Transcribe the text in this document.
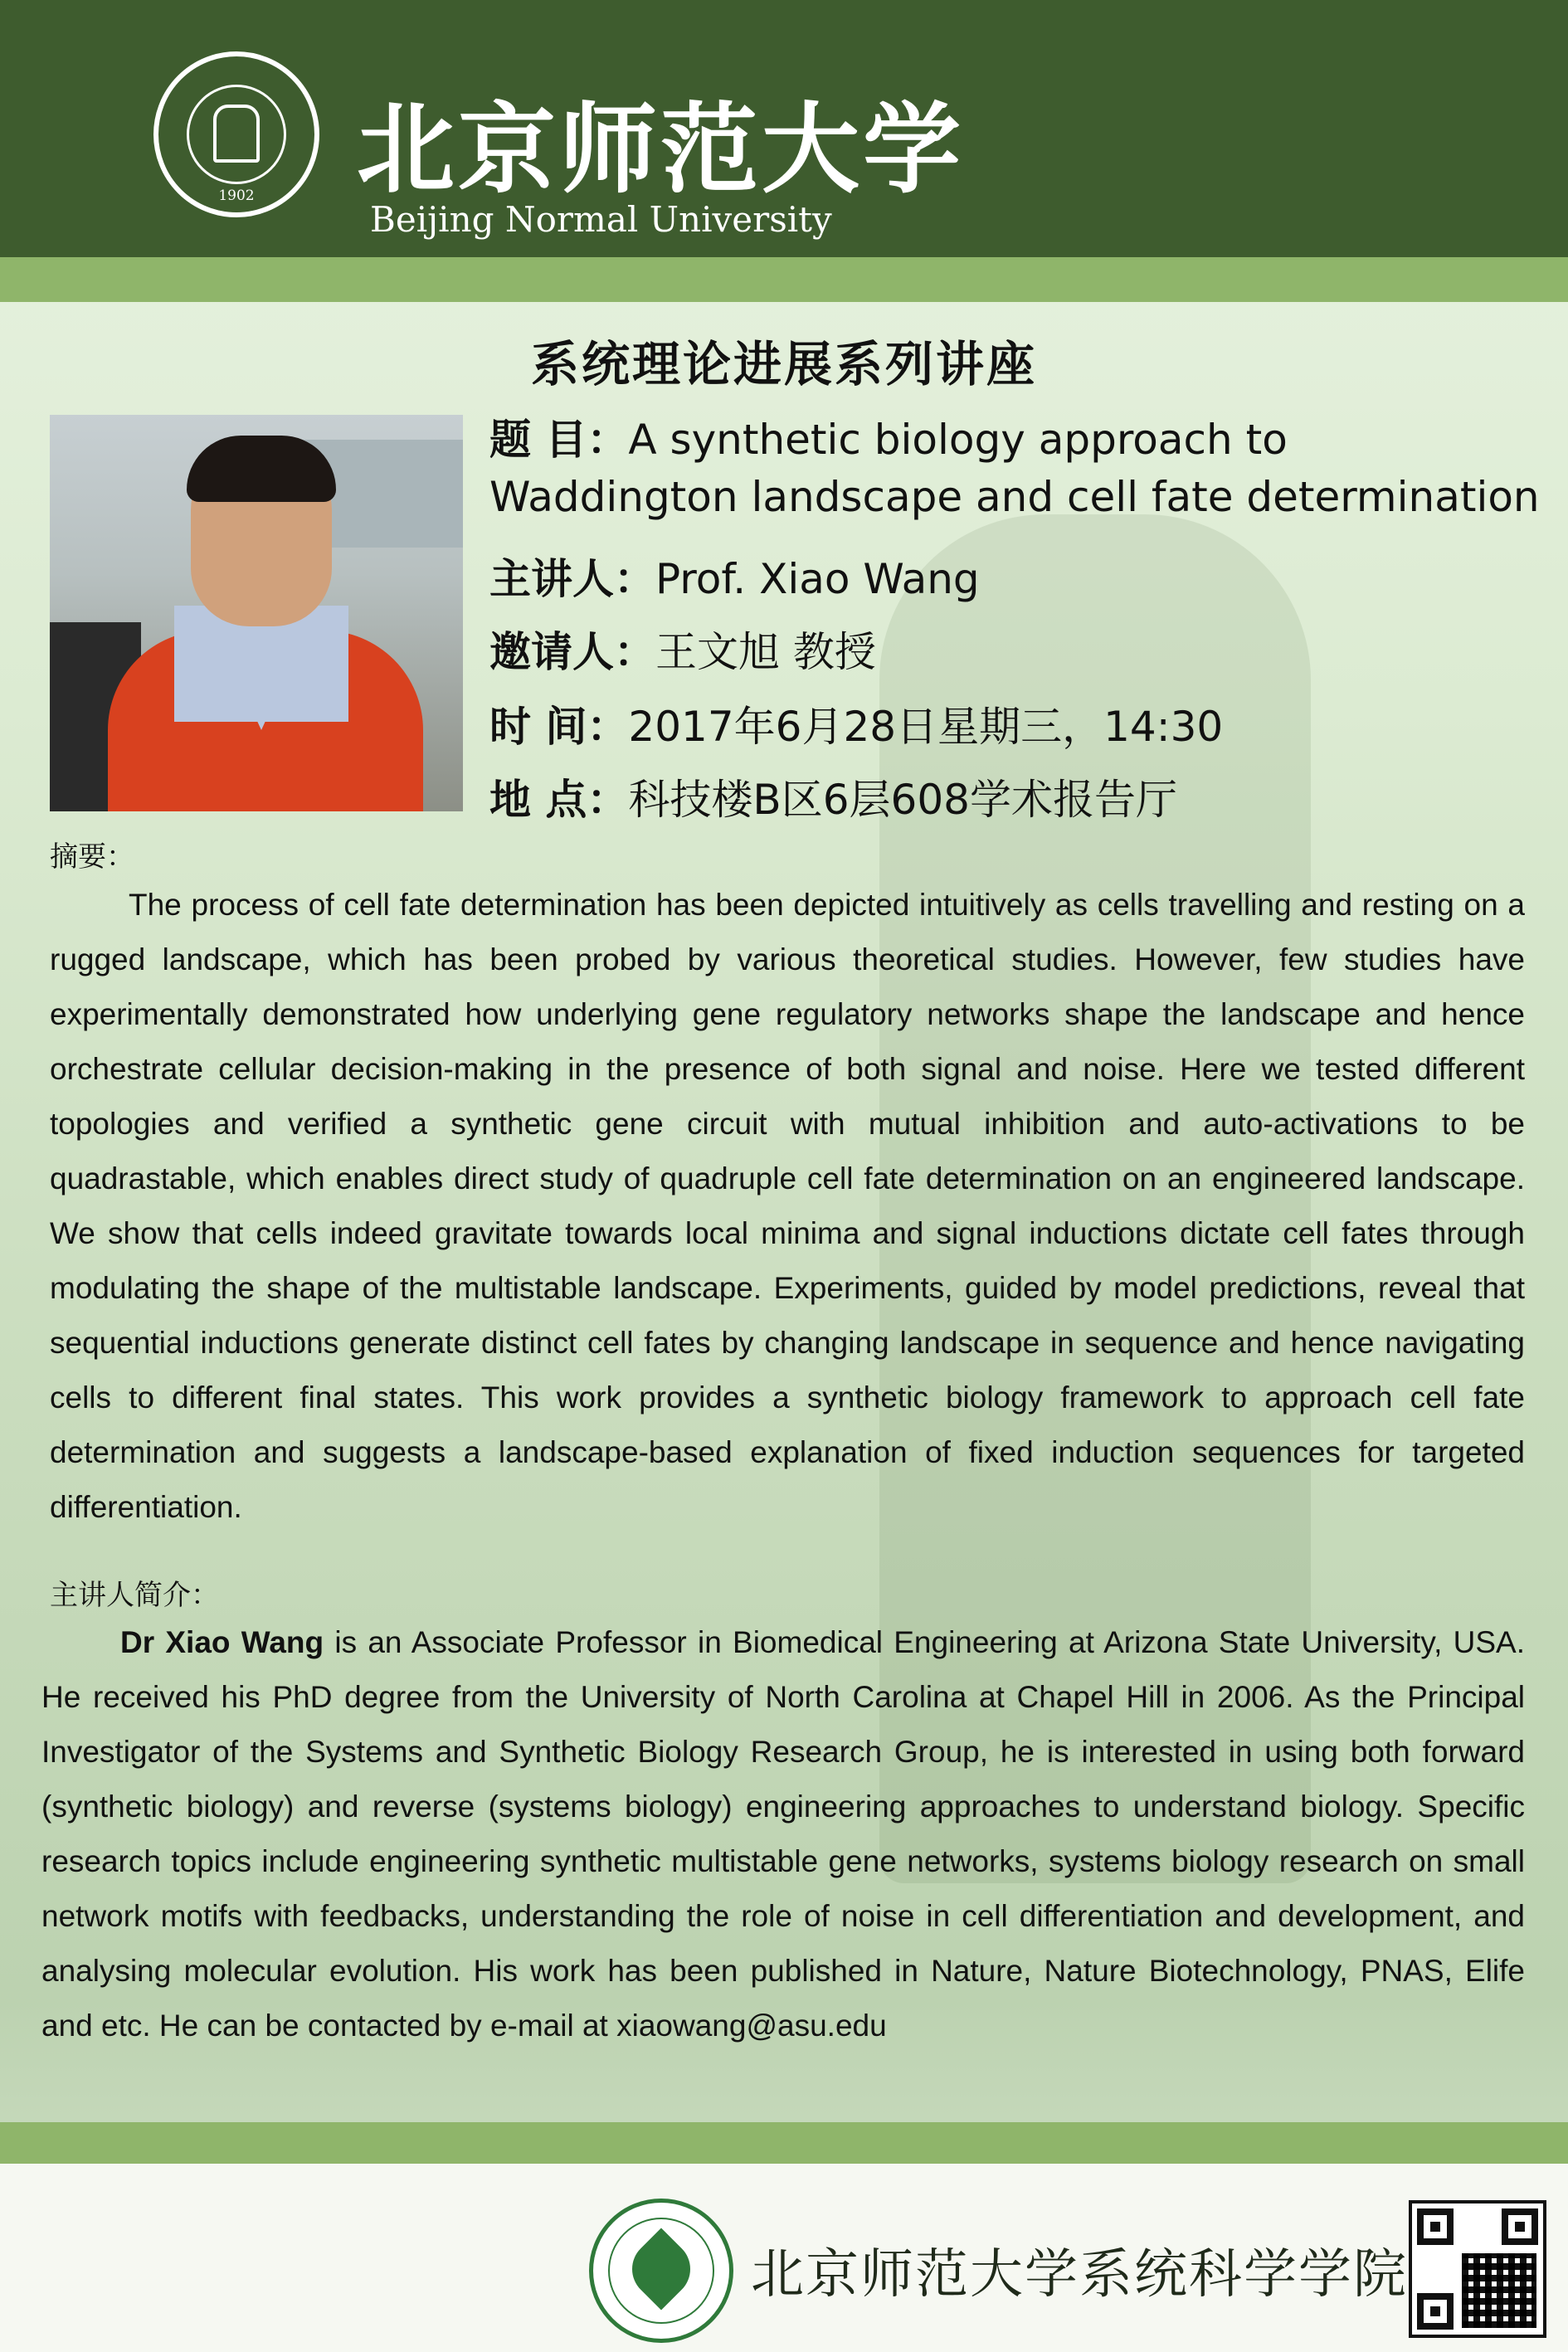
1902	北京师范大学
Beijing Normal University
系统理论进展系列讲座
题 目：A synthetic biology approach to
Waddington landscape and cell fate determination
主讲人：Prof. Xiao Wang
邀请人：王文旭 教授
时 间：2017年6月28日星期三，14:30
地 点：科技楼B区6层608学术报告厅
摘要：
The process of cell fate determination has been depicted intuitively as cells travelling and resting on a rugged landscape, which has been probed by various theoretical studies. However, few studies have experimentally demonstrated how underlying gene regulatory networks shape the landscape and hence orchestrate cellular decision-making in the presence of both signal and noise. Here we tested different topologies and verified a synthetic gene circuit with mutual inhibition and auto-activations to be quadrastable, which enables direct study of quadruple cell fate determination on an engineered landscape. We show that cells indeed gravitate towards local minima and signal inductions dictate cell fates through modulating the shape of the multistable landscape. Experiments, guided by model predictions, reveal that sequential inductions generate distinct cell fates by changing landscape in sequence and hence navigating cells to different final states. This work provides a synthetic biology framework to approach cell fate determination and suggests a landscape-based explanation of fixed induction sequences for targeted differentiation.
主讲人简介：
Dr Xiao Wang is an Associate Professor in Biomedical Engineering at Arizona State University, USA. He received his PhD degree from the University of North Carolina at Chapel Hill in 2006. As the Principal Investigator of the Systems and Synthetic Biology Research Group, he is interested in using both forward (synthetic biology) and reverse (systems biology) engineering approaches to understand biology. Specific research topics include engineering synthetic multistable gene networks, systems biology research on small network motifs with feedbacks, understanding the role of noise in cell differentiation and development, and analysing molecular evolution. His work has been published in Nature, Nature Biotechnology, PNAS, Elife and etc. He can be contacted by e-mail at xiaowang@asu.edu
北京师范大学系统科学学院
